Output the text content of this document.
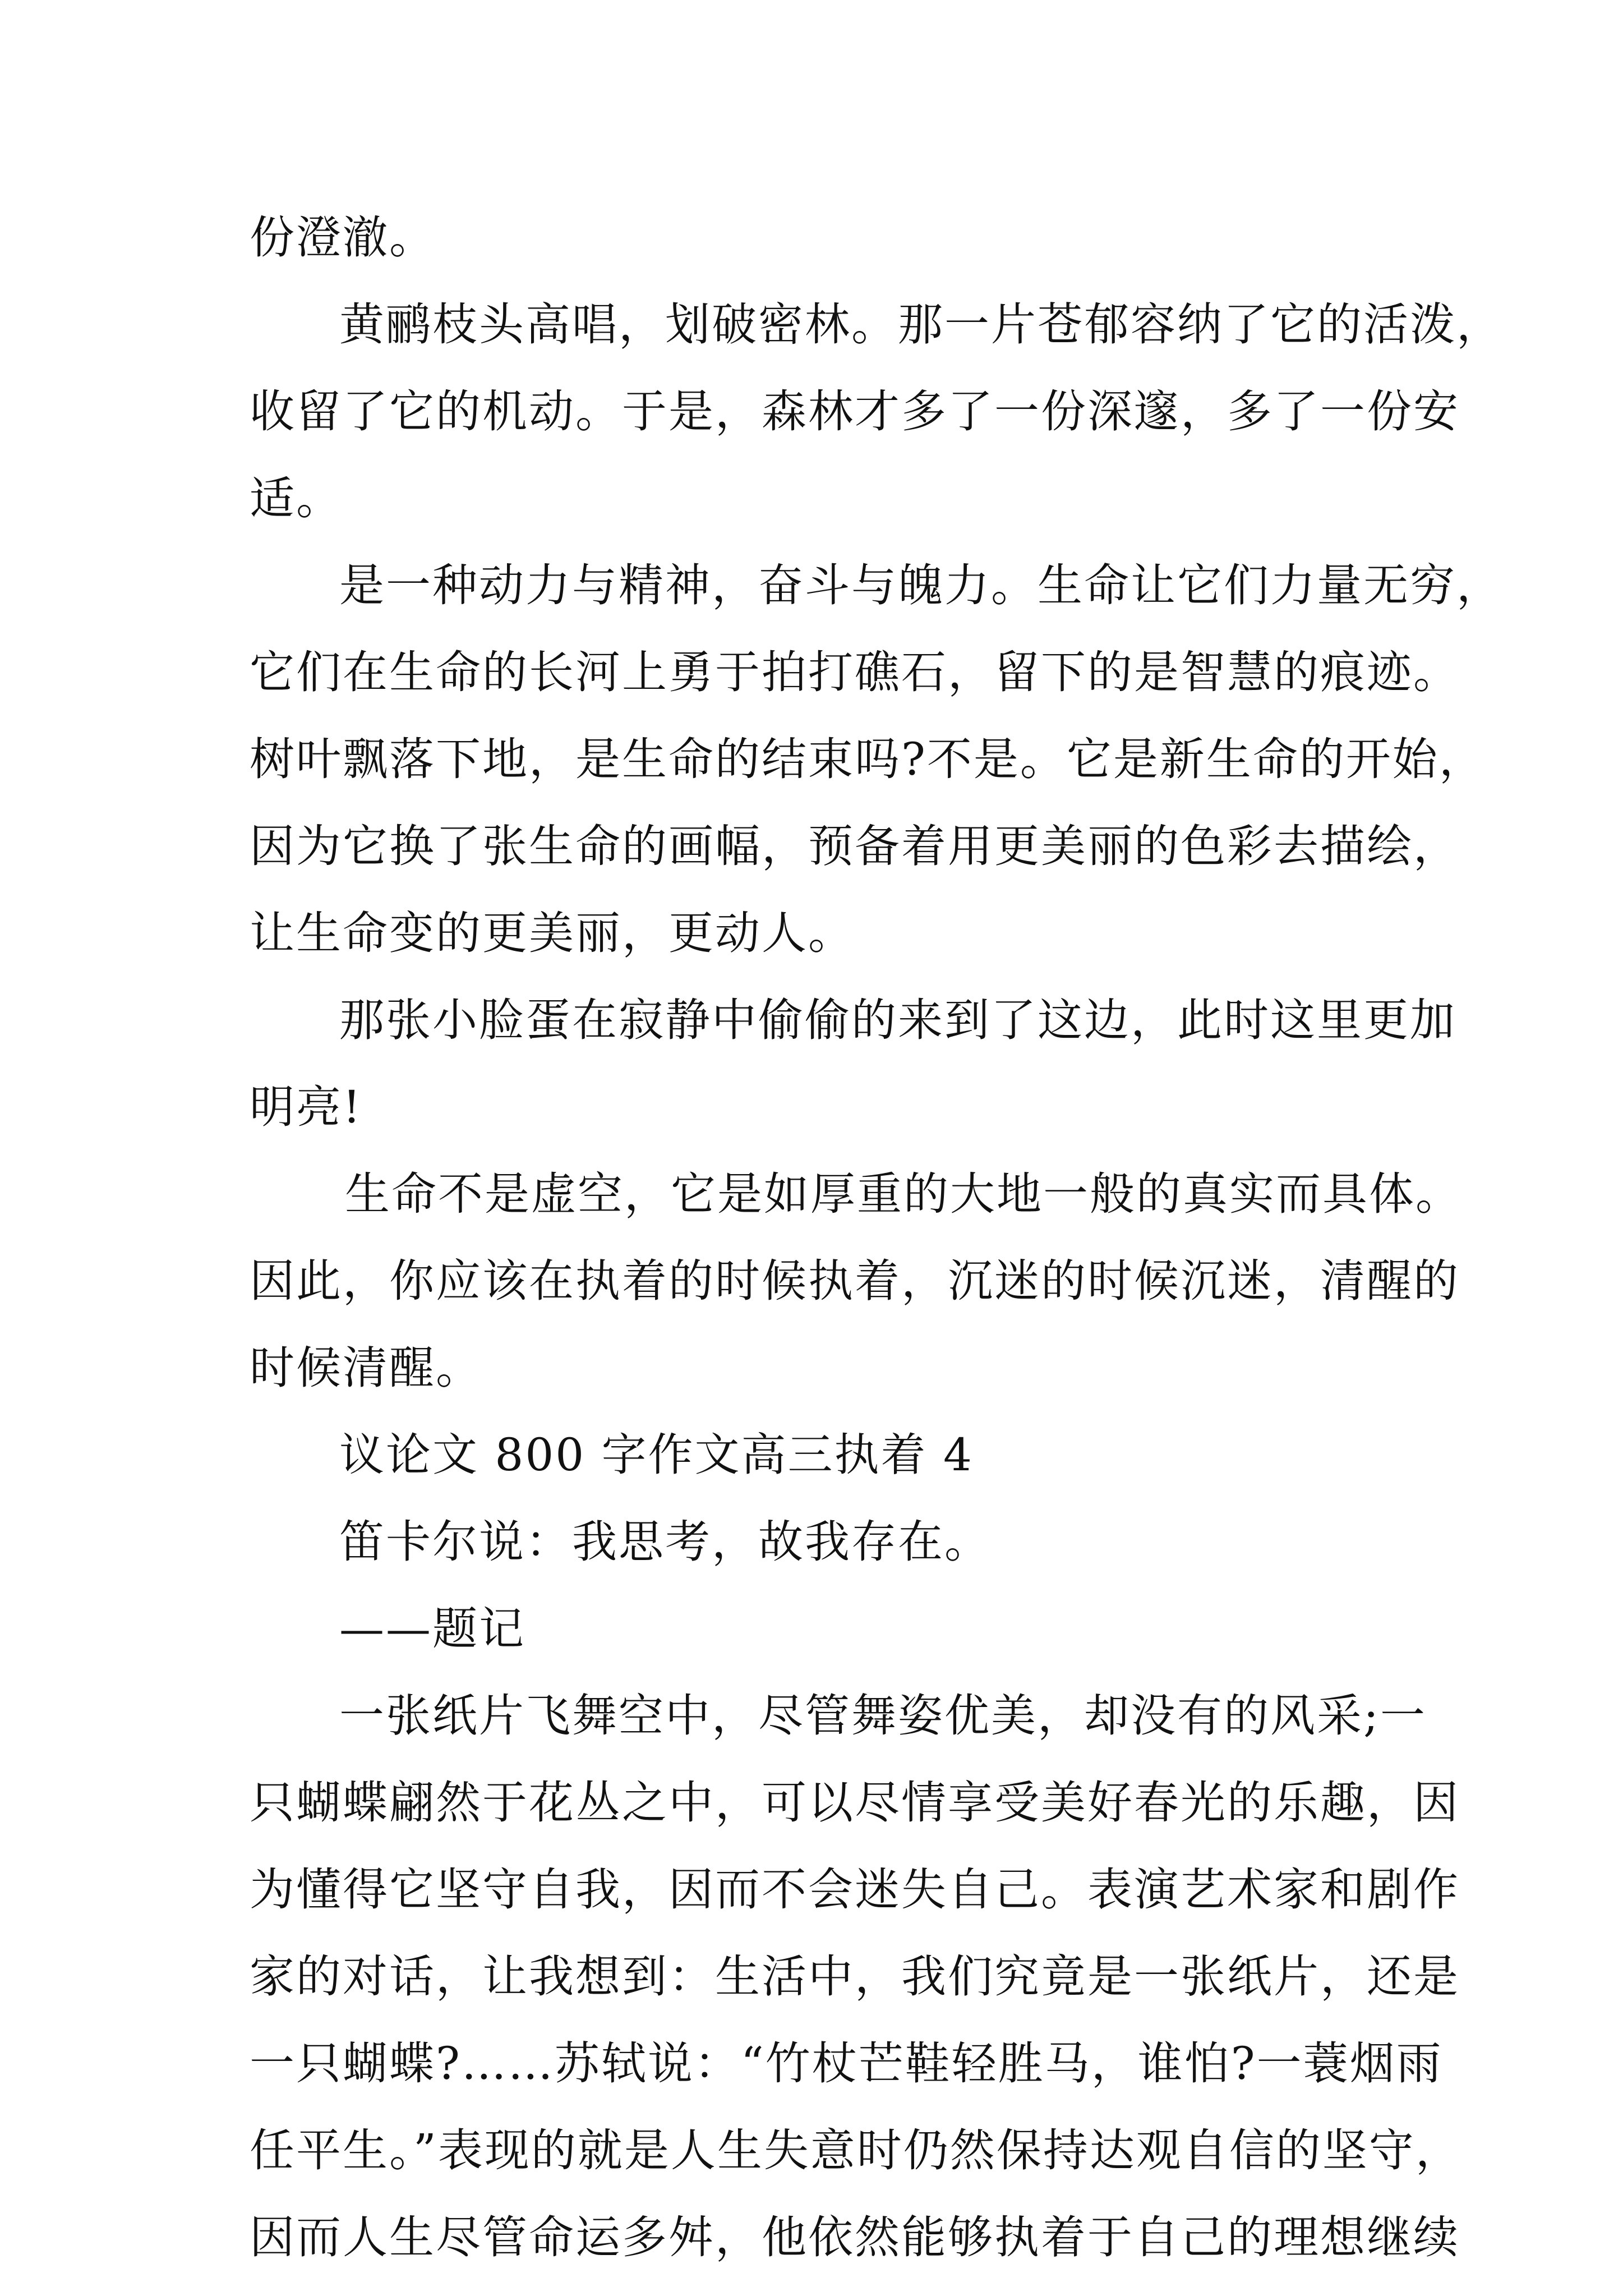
份澄澈。
黄鹂枝头高唱，划破密林。那一片苍郁容纳了它的活泼，
收留了它的机动。于是，森林才多了一份深邃，多了一份安
适。
是一种动力与精神，奋斗与魄力。生命让它们力量无穷，
它们在生命的长河上勇于拍打礁石，留下的是智慧的痕迹。
树叶飘落下地，是生命的结束吗?不是。它是新生命的开始，
因为它换了张生命的画幅，预备着用更美丽的色彩去描绘，
让生命变的更美丽，更动人。
那张小脸蛋在寂静中偷偷的来到了这边，此时这里更加
明亮!
生命不是虚空，它是如厚重的大地一般的真实而具体。
因此，你应该在执着的时候执着，沉迷的时候沉迷，清醒的
时候清醒。
议论文 800 字作文高三执着 4
笛卡尔说：我思考，故我存在。
——题记
一张纸片飞舞空中，尽管舞姿优美，却没有的风采;一
只蝴蝶翩然于花丛之中，可以尽情享受美好春光的乐趣，因
为懂得它坚守自我，因而不会迷失自己。表演艺术家和剧作
家的对话，让我想到：生活中，我们究竟是一张纸片，还是
一只蝴蝶?……苏轼说：“竹杖芒鞋轻胜马，谁怕?一蓑烟雨
任平生。”表现的就是人生失意时仍然保持达观自信的坚守，
因而人生尽管命运多舛，他依然能够执着于自己的理想继续
